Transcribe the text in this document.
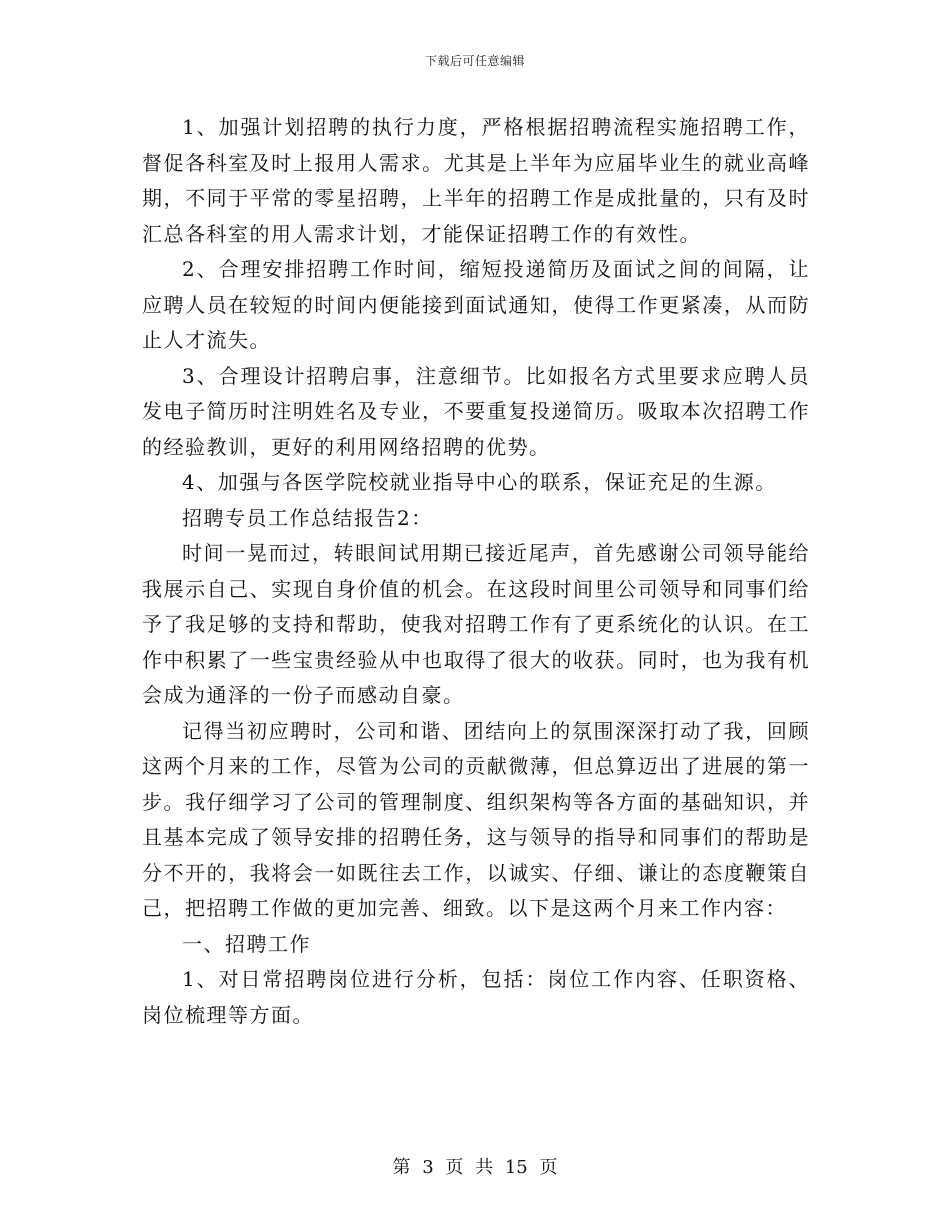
下载后可任意编辑

1、加强计划招聘的执行力度，严格根据招聘流程实施招聘工作，督促各科室及时上报用人需求。尤其是上半年为应届毕业生的就业高峰期，不同于平常的零星招聘，上半年的招聘工作是成批量的，只有及时汇总各科室的用人需求计划，才能保证招聘工作的有效性。

2、合理安排招聘工作时间，缩短投递简历及面试之间的间隔，让应聘人员在较短的时间内便能接到面试通知，使得工作更紧凑，从而防止人才流失。

3、合理设计招聘启事，注意细节。比如报名方式里要求应聘人员发电子简历时注明姓名及专业，不要重复投递简历。吸取本次招聘工作的经验教训，更好的利用网络招聘的优势。

4、加强与各医学院校就业指导中心的联系，保证充足的生源。

招聘专员工作总结报告2：

时间一晃而过，转眼间试用期已接近尾声，首先感谢公司领导能给我展示自己、实现自身价值的机会。在这段时间里公司领导和同事们给予了我足够的支持和帮助，使我对招聘工作有了更系统化的认识。在工作中积累了一些宝贵经验从中也取得了很大的收获。同时，也为我有机会成为通泽的一份子而感动自豪。

记得当初应聘时，公司和谐、团结向上的氛围深深打动了我，回顾这两个月来的工作，尽管为公司的贡献微薄，但总算迈出了进展的第一步。我仔细学习了公司的管理制度、组织架构等各方面的基础知识，并且基本完成了领导安排的招聘任务，这与领导的指导和同事们的帮助是分不开的，我将会一如既往去工作，以诚实、仔细、谦让的态度鞭策自己，把招聘工作做的更加完善、细致。以下是这两个月来工作内容：

一、招聘工作

1、对日常招聘岗位进行分析，包括：岗位工作内容、任职资格、岗位梳理等方面。

第 3 页 共 15 页
